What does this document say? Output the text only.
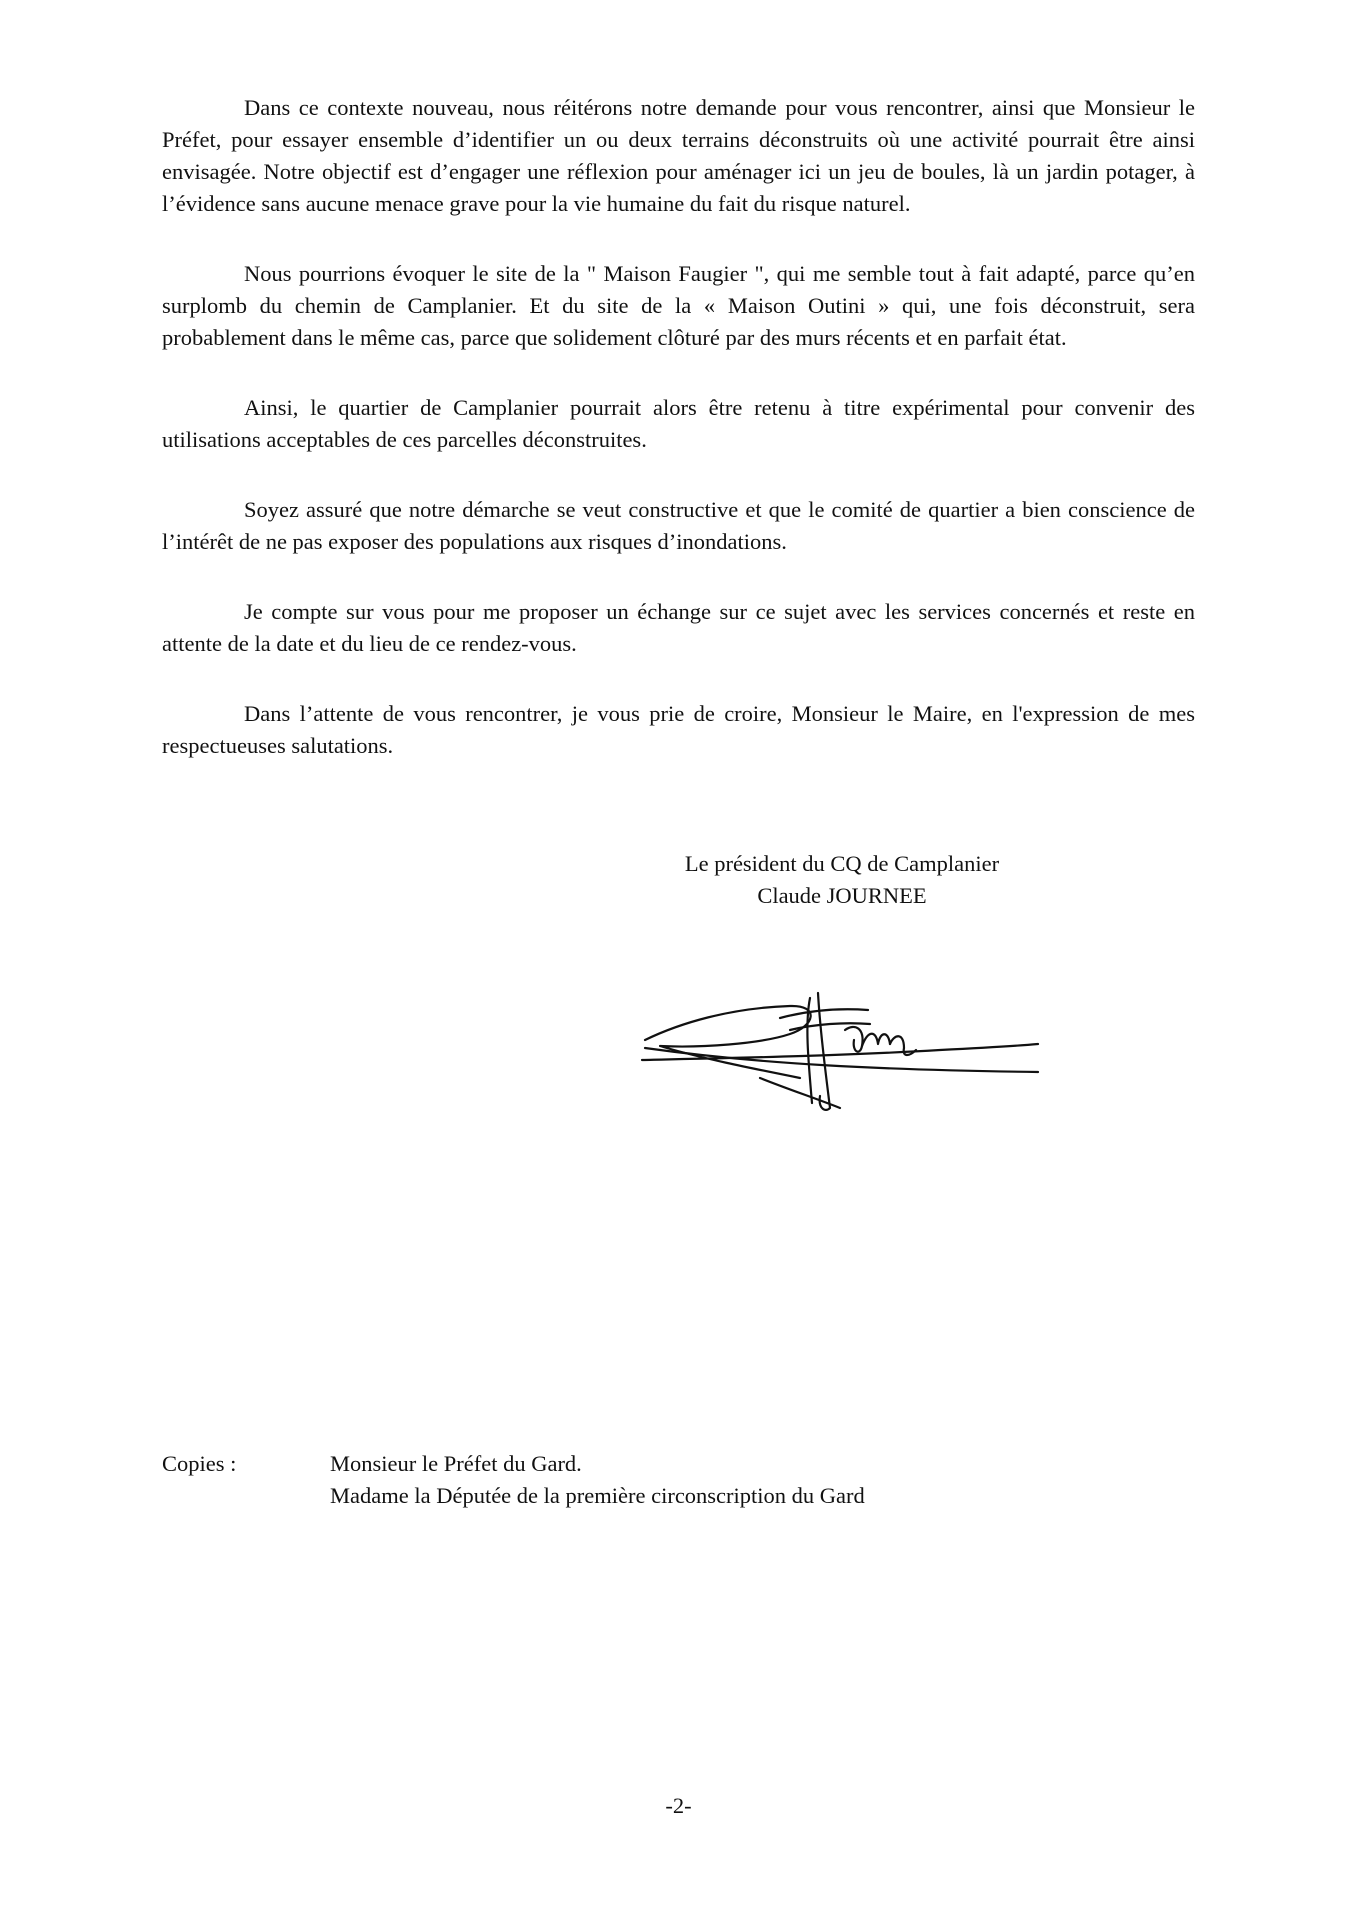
Dans ce contexte nouveau, nous réitérons notre demande pour vous rencontrer, ainsi que Monsieur le Préfet, pour essayer ensemble d’identifier un ou deux terrains déconstruits où une activité pourrait être ainsi envisagée. Notre objectif est d’engager une réflexion pour aménager ici un jeu de boules, là un jardin potager, à l’évidence sans aucune menace grave pour la vie humaine du fait du risque naturel.

Nous pourrions évoquer le site de la " Maison Faugier ", qui me semble tout à fait adapté, parce qu’en surplomb du chemin de Camplanier. Et du site de la « Maison Outini » qui, une fois déconstruit, sera probablement dans le même cas, parce que solidement clôturé par des murs récents et en parfait état.

Ainsi, le quartier de Camplanier pourrait alors être retenu à titre expérimental pour convenir des utilisations acceptables de ces parcelles déconstruites.

Soyez assuré que notre démarche se veut constructive et que le comité de quartier a bien conscience de l’intérêt de ne pas exposer des populations aux risques d’inondations.

Je compte sur vous pour me proposer un échange sur ce sujet avec les services concernés et reste en attente de la date et du lieu de ce rendez-vous.

Dans l’attente de vous rencontrer, je vous prie de croire, Monsieur le Maire, en l'expression de mes respectueuses salutations.

Le président du CQ de Camplanier
Claude JOURNEE
Copies :	Monsieur le Préfet du Gard.
Madame la Députée de la première circonscription du Gard
-2-
